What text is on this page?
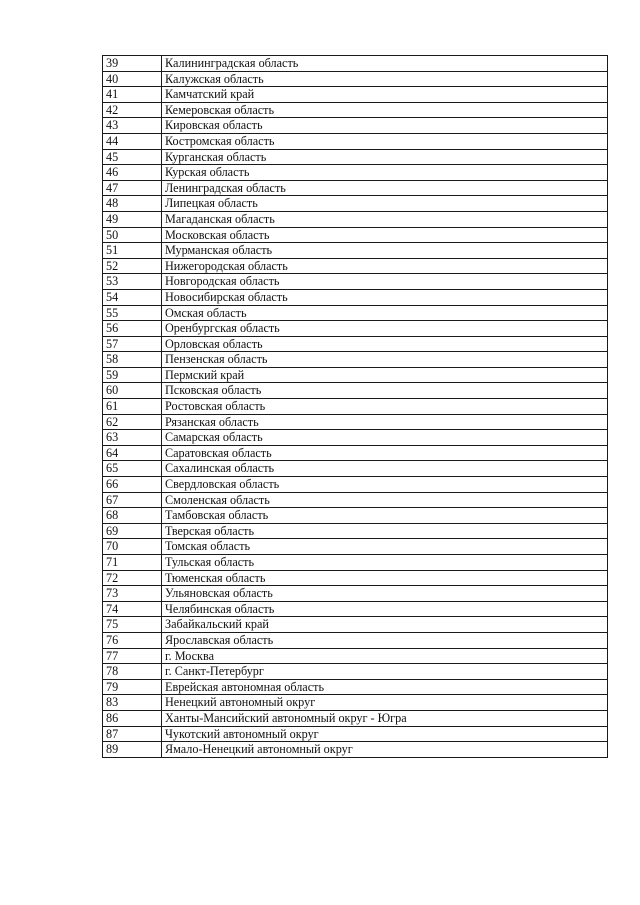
39	Калининградская область
40	Калужская область
41	Камчатский край
42	Кемеровская область
43	Кировская область
44	Костромская область
45	Курганская область
46	Курская область
47	Ленинградская область
48	Липецкая область
49	Магаданская область
50	Московская область
51	Мурманская область
52	Нижегородская область
53	Новгородская область
54	Новосибирская область
55	Омская область
56	Оренбургская область
57	Орловская область
58	Пензенская область
59	Пермский край
60	Псковская область
61	Ростовская область
62	Рязанская область
63	Самарская область
64	Саратовская область
65	Сахалинская область
66	Свердловская область
67	Смоленская область
68	Тамбовская область
69	Тверская область
70	Томская область
71	Тульская область
72	Тюменская область
73	Ульяновская область
74	Челябинская область
75	Забайкальский край
76	Ярославская область
77	г. Москва
78	г. Санкт-Петербург
79	Еврейская автономная область
83	Ненецкий автономный округ
86	Ханты-Мансийский автономный округ - Югра
87	Чукотский автономный округ
89	Ямало-Ненецкий автономный округ
